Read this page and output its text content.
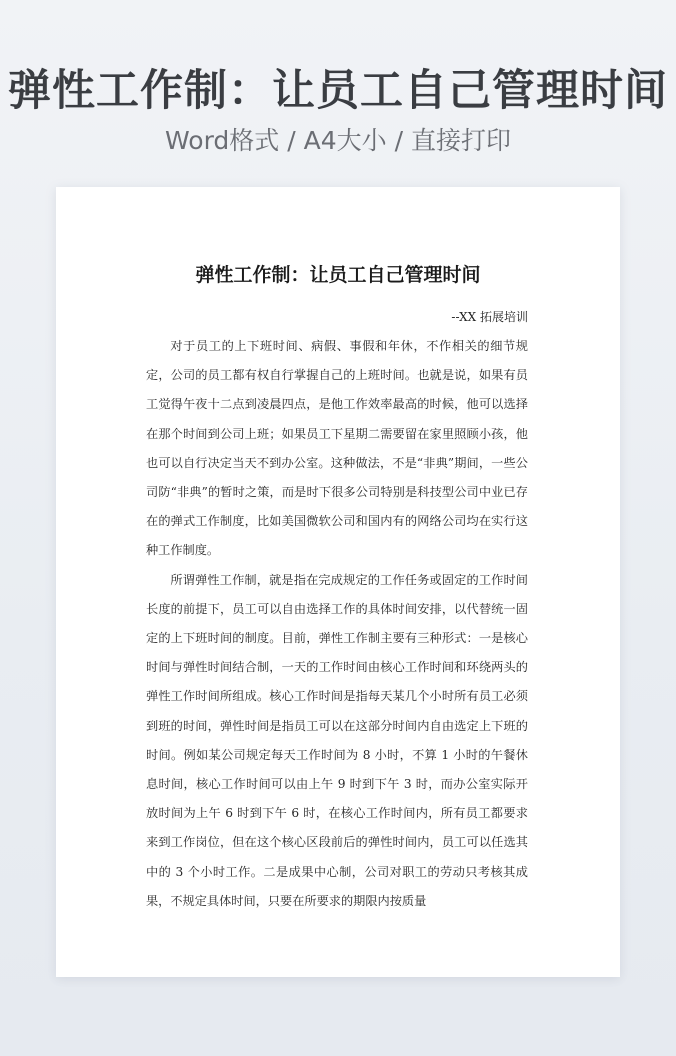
弹性工作制：让员工自己管理时间
Word格式 / A4大小 / 直接打印
弹性工作制：让员工自己管理时间
--XX 拓展培训

对于员工的上下班时间、病假、事假和年休，不作相关的细节规定，公司的员工都有权自行掌握自己的上班时间。也就是说，如果有员工觉得午夜十二点到凌晨四点，是他工作效率最高的时候，他可以选择在那个时间到公司上班；如果员工下星期二需要留在家里照顾小孩，他也可以自行决定当天不到办公室。这种做法，不是“非典”期间，一些公司防“非典”的暂时之策，而是时下很多公司特别是科技型公司中业已存在的弹式工作制度，比如美国微软公司和国内有的网络公司均在实行这种工作制度。

所谓弹性工作制，就是指在完成规定的工作任务或固定的工作时间长度的前提下，员工可以自由选择工作的具体时间安排，以代替统一固定的上下班时间的制度。目前，弹性工作制主要有三种形式：一是核心时间与弹性时间结合制，一天的工作时间由核心工作时间和环绕两头的弹性工作时间所组成。核心工作时间是指每天某几个小时所有员工必须到班的时间，弹性时间是指员工可以在这部分时间内自由选定上下班的时间。例如某公司规定每天工作时间为 8 小时，不算 1 小时的午餐休息时间，核心工作时间可以由上午 9 时到下午 3 时，而办公室实际开放时间为上午 6 时到下午 6 时，在核心工作时间内，所有员工都要求来到工作岗位，但在这个核心区段前后的弹性时间内，员工可以任选其中的 3 个小时工作。二是成果中心制，公司对职工的劳动只考核其成果，不规定具体时间，只要在所要求的期限内按质量
